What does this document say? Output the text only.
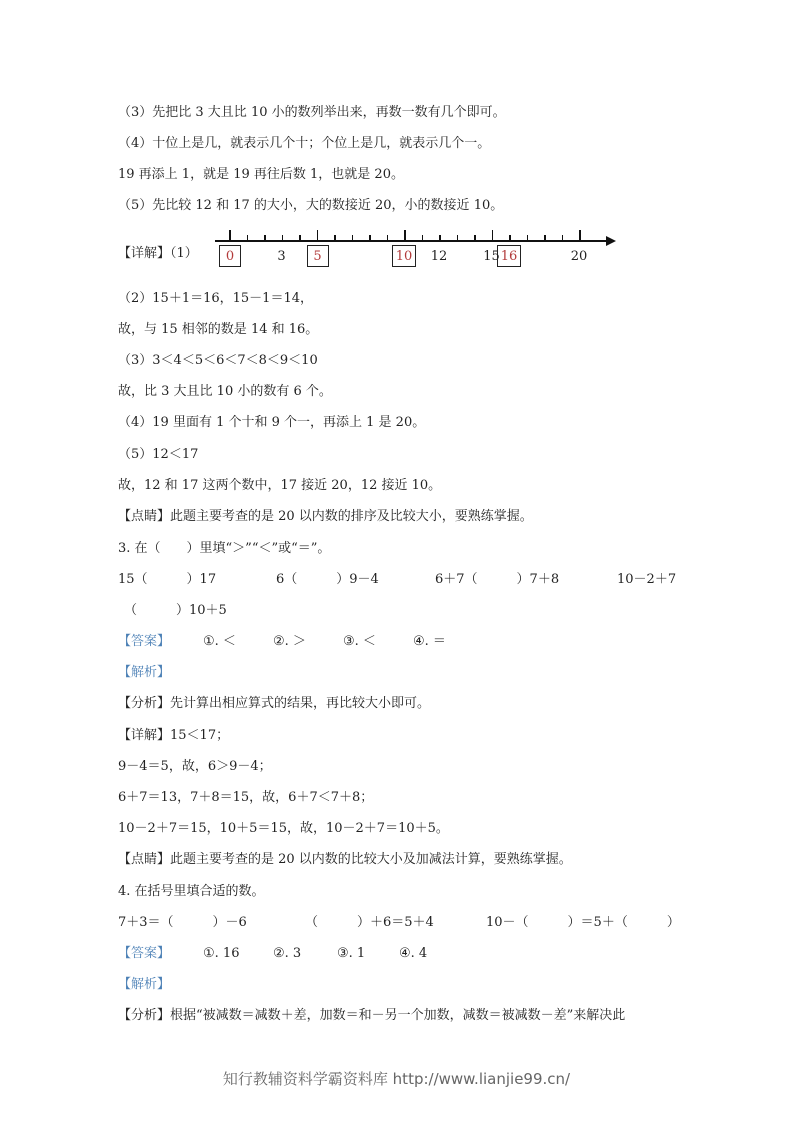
（3）先把比 3 大且比 10 小的数列举出来，再数一数有几个即可。
（4）十位上是几，就表示几个十；个位上是几，就表示几个一。
19 再添上 1，就是 19 再往后数 1，也就是 20。
（5）先比较 12 和 17 的大小，大的数接近 20，小的数接近 10。
【详解】（1）	3	12	15	20
0	5	10	16
（2）15＋1＝16，15－1＝14，
故，与 15 相邻的数是 14 和 16。
（3）3＜4＜5＜6＜7＜8＜9＜10
故，比 3 大且比 10 小的数有 6 个。
（4）19 里面有 1 个十和 9 个一，再添上 1 是 20。
（5）12＜17
故，12 和 17 这两个数中，17 接近 20，12 接近 10。
【点睛】此题主要考查的是 20 以内数的排序及比较大小，要熟练掌握。
3. 在（　　）里填“＞”“＜”或“＝”。
15（　　　）17	6（　　　）9－4	6＋7（　　　）7＋8	10－2＋7
（　　　）10＋5
【答案】	①. ＜	②. ＞	③. ＜	④. ＝
【解析】
【分析】先计算出相应算式的结果，再比较大小即可。
【详解】15＜17；
9－4＝5，故，6＞9－4；
6＋7＝13，7＋8＝15，故，6＋7＜7＋8；
10－2＋7＝15，10＋5＝15，故，10－2＋7＝10＋5。
【点睛】此题主要考查的是 20 以内数的比较大小及加减法计算，要熟练掌握。
4. 在括号里填合适的数。
7＋3＝（　　　）－6	（　　　）＋6＝5＋4	10－（　　　）＝5＋（　　　）
【答案】	①. 16	②. 3	③. 1	④. 4
【解析】
【分析】根据“被减数＝减数＋差，加数＝和－另一个加数，减数＝被减数－差”来解决此
知行教辅资料学霸资料库 http://www.lianjie99.cn/
